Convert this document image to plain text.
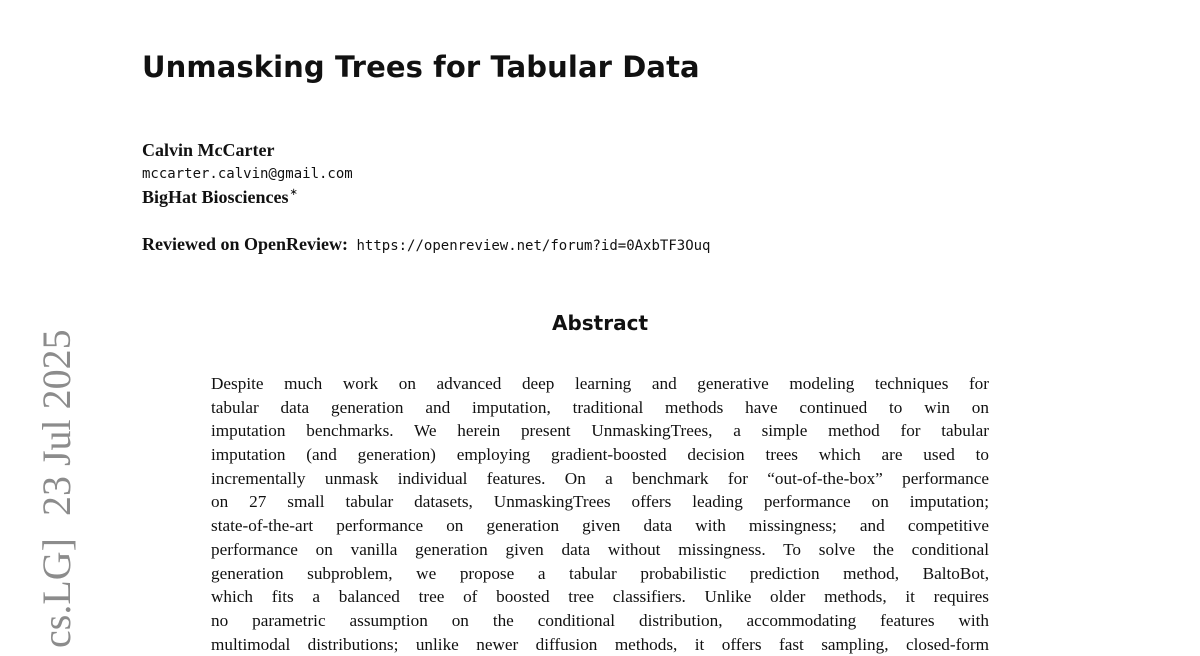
Unmasking Trees for Tabular Data
Calvin McCarter
mccarter.calvin@gmail.com
BigHat Biosciences∗
Reviewed on OpenReview: https://openreview.net/forum?id=0AxbTF3Ouq
Abstract
Despite much work on advanced deep learning and generative modeling techniques for
tabular data generation and imputation, traditional methods have continued to win on
imputation benchmarks. We herein present UnmaskingTrees, a simple method for tabular
imputation (and generation) employing gradient-boosted decision trees which are used to
incrementally unmask individual features. On a benchmark for “out-of-the-box” performance
on 27 small tabular datasets, UnmaskingTrees offers leading performance on imputation;
state-of-the-art performance on generation given data with missingness; and competitive
performance on vanilla generation given data without missingness. To solve the conditional
generation subproblem, we propose a tabular probabilistic prediction method, BaltoBot,
which fits a balanced tree of boosted tree classifiers. Unlike older methods, it requires
no parametric assumption on the conditional distribution, accommodating features with
multimodal distributions; unlike newer diffusion methods, it offers fast sampling, closed-form
cs.LG]23 Jul 2025
